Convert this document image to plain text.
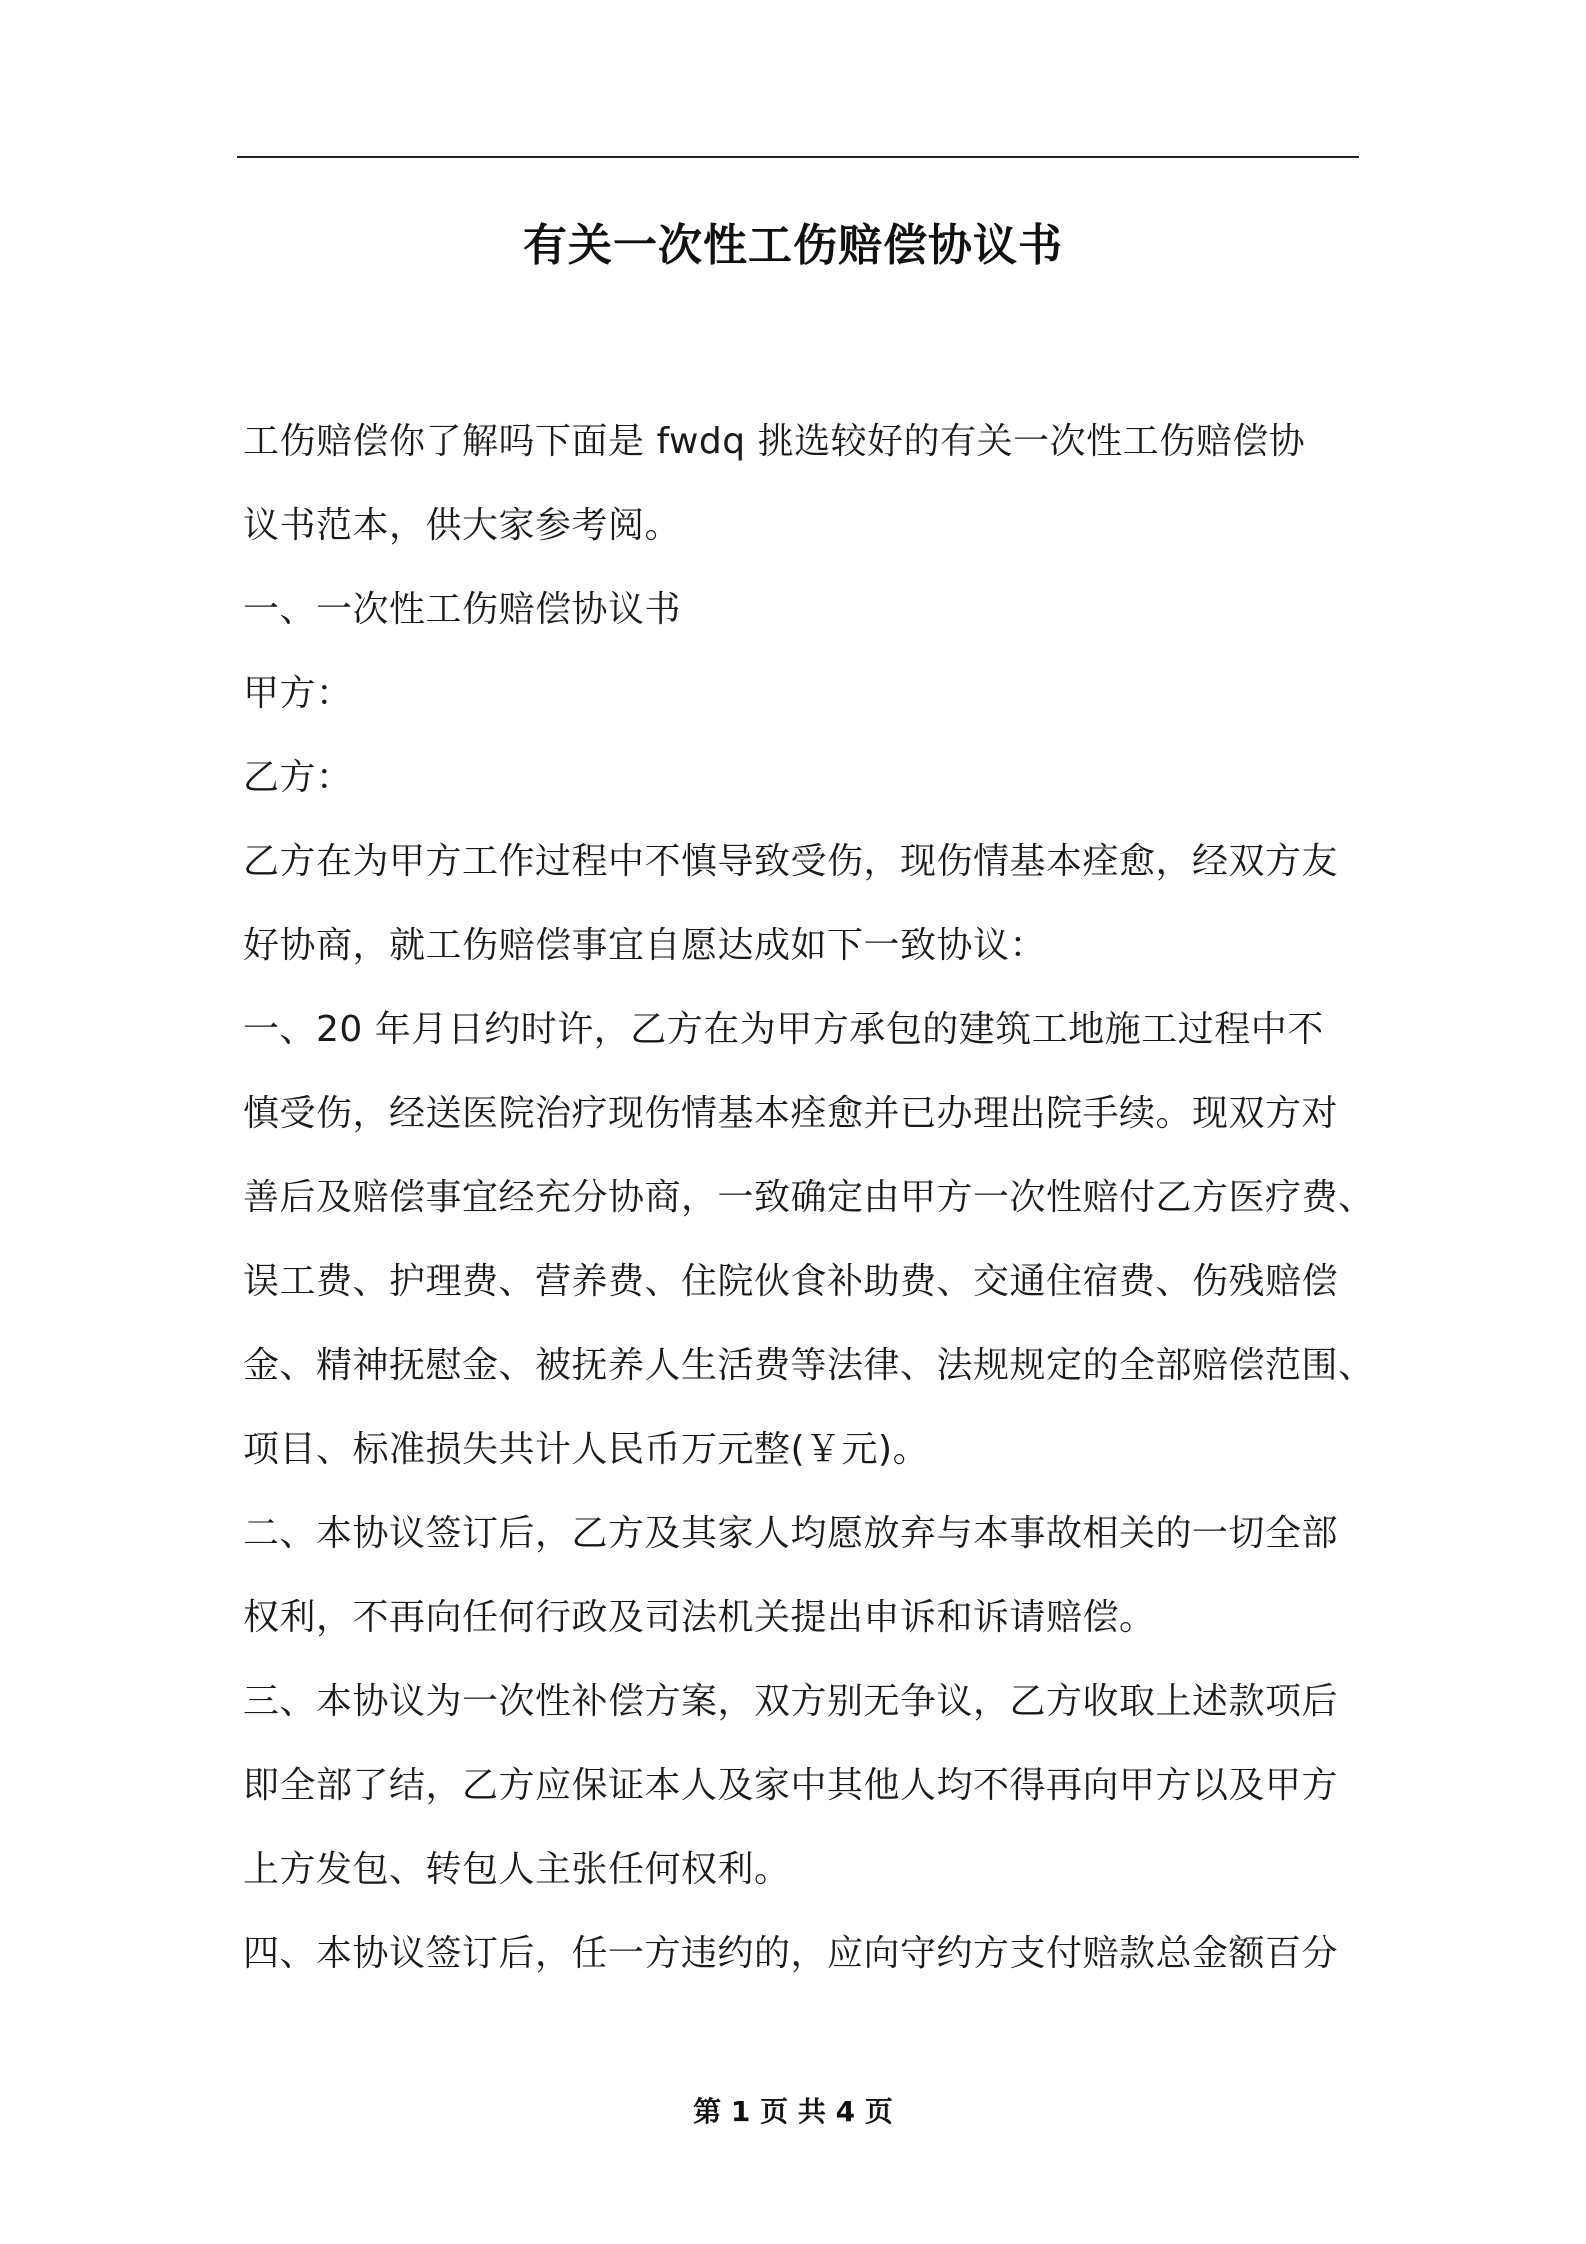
有关一次性工伤赔偿协议书
工伤赔偿你了解吗下面是 fwdq 挑选较好的有关一次性工伤赔偿协
议书范本，供大家参考阅。
一、一次性工伤赔偿协议书
甲方：
乙方：
乙方在为甲方工作过程中不慎导致受伤，现伤情基本痊愈，经双方友
好协商，就工伤赔偿事宜自愿达成如下一致协议：
一、20 年月日约时许，乙方在为甲方承包的建筑工地施工过程中不
慎受伤，经送医院治疗现伤情基本痊愈并已办理出院手续。现双方对
善后及赔偿事宜经充分协商，一致确定由甲方一次性赔付乙方医疗费、
误工费、护理费、营养费、住院伙食补助费、交通住宿费、伤残赔偿
金、精神抚慰金、被抚养人生活费等法律、法规规定的全部赔偿范围、
项目、标准损失共计人民币万元整(￥元)。
二、本协议签订后，乙方及其家人均愿放弃与本事故相关的一切全部
权利，不再向任何行政及司法机关提出申诉和诉请赔偿。
三、本协议为一次性补偿方案，双方别无争议，乙方收取上述款项后
即全部了结，乙方应保证本人及家中其他人均不得再向甲方以及甲方
上方发包、转包人主张任何权利。
四、本协议签订后，任一方违约的，应向守约方支付赔款总金额百分
第 1 页 共 4 页
